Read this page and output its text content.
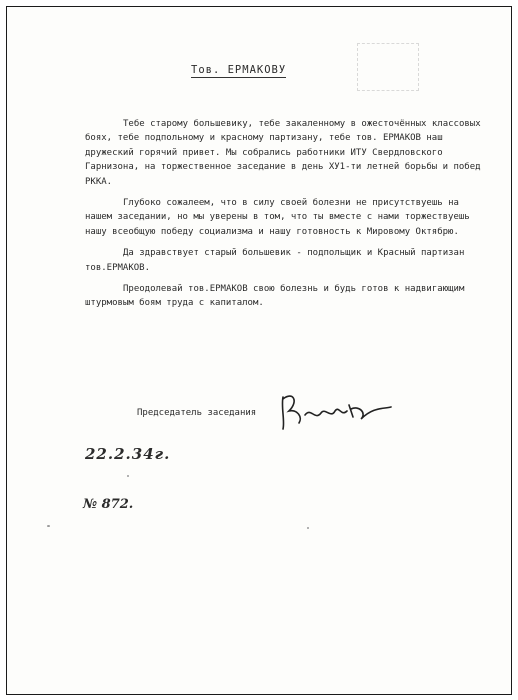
Тов. ЕРМАКОВУ

Тебе старому большевику, тебе закаленному в ожесточённых классовых боях, тебе подпольному и красному партизану, тебе тов. ЕРМАКОВ наш дружеский горячий привет. Мы собрались работники ИТУ Свердловского Гарнизона, на торжественное заседание в день ХУ1-ти летней борьбы и побед РККА.

Глубоко сожалеем, что в силу своей болезни не присутствуешь на нашем заседании, но мы уверены в том, что ты вместе с нами торжествуешь нашу всеобщую победу социализма и нашу готовность к Мировому Октябрю.

Да здравствует старый большевик - подпольщик и Красный партизан тов.ЕРМАКОВ.

Преодолевай тов.ЕРМАКОВ свою болезнь и будь готов к надвигающим штурмовым боям труда с капиталом.

Председатель заседания
22.2.34г.
№ 872.
